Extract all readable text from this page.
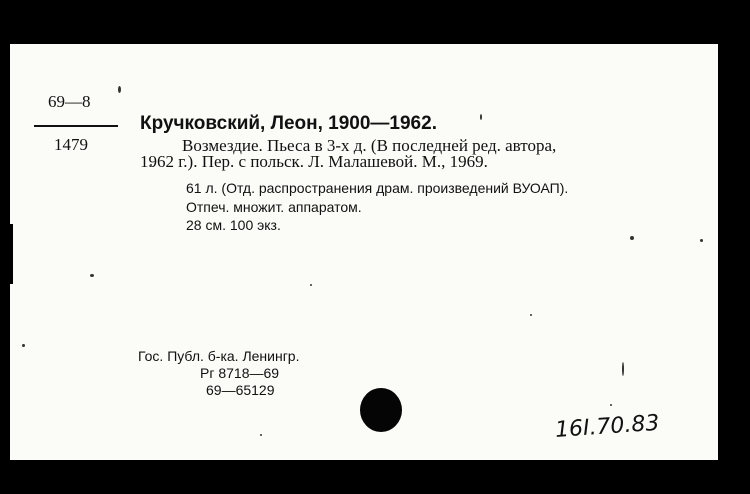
69—8
1479
Кручковский, Леон, 1900—1962.
Возмездие. Пьеса в 3-х д. (В последней ред. автора,
1962 г.). Пер. с польск. Л. Малашевой. М., 1969.
61 л. (Отд. распространения драм. произведений ВУОАП).
Отпеч. множит. аппаратом.
28 см. 100 экз.
Гос. Публ. б-ка. Ленингр.
Рг 8718—69
69—65129
16I.70.83
